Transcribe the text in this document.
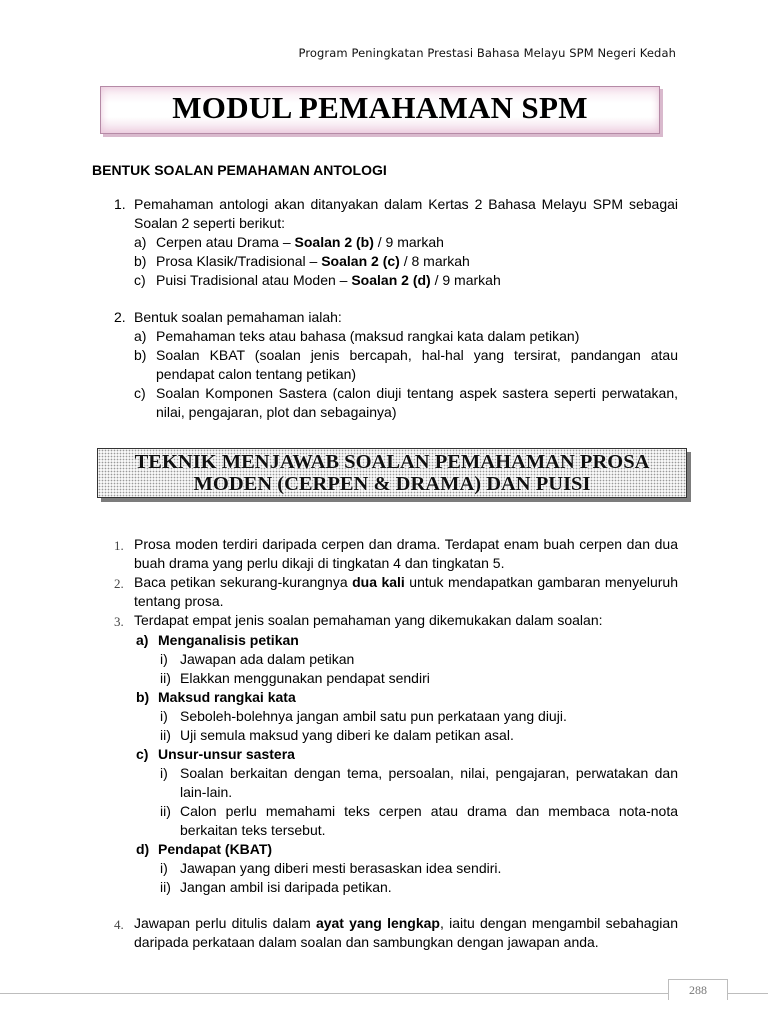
Program Peningkatan Prestasi Bahasa Melayu SPM Negeri Kedah
MODUL PEMAHAMAN SPM
BENTUK SOALAN PEMAHAMAN ANTOLOGI
1. Pemahaman antologi akan ditanyakan dalam Kertas 2 Bahasa Melayu SPM sebagai Soalan 2 seperti berikut:
a) Cerpen atau Drama – Soalan 2 (b) / 9 markah
b) Prosa Klasik/Tradisional – Soalan 2 (c) / 8 markah
c) Puisi Tradisional atau Moden – Soalan 2 (d) / 9 markah
2. Bentuk soalan pemahaman ialah:
a) Pemahaman teks atau bahasa (maksud rangkai kata dalam petikan)
b) Soalan KBAT (soalan jenis bercapah, hal-hal yang tersirat, pandangan atau pendapat calon tentang petikan)
c) Soalan Komponen Sastera (calon diuji tentang aspek sastera seperti perwatakan, nilai, pengajaran, plot dan sebagainya)
TEKNIK MENJAWAB SOALAN PEMAHAMAN PROSA
MODEN (CERPEN & DRAMA) DAN PUISI
1. Prosa moden terdiri daripada cerpen dan drama. Terdapat enam buah cerpen dan dua buah drama yang perlu dikaji di tingkatan 4 dan tingkatan 5.
2. Baca petikan sekurang-kurangnya dua kali untuk mendapatkan gambaran menyeluruh tentang prosa.
3. Terdapat empat jenis soalan pemahaman yang dikemukakan dalam soalan:
a) Menganalisis petikan
i) Jawapan ada dalam petikan
ii) Elakkan menggunakan pendapat sendiri
b) Maksud rangkai kata
i) Seboleh-bolehnya jangan ambil satu pun perkataan yang diuji.
ii) Uji semula maksud yang diberi ke dalam petikan asal.
c) Unsur-unsur sastera
i) Soalan berkaitan dengan tema, persoalan, nilai, pengajaran, perwatakan dan lain-lain.
ii) Calon perlu memahami teks cerpen atau drama dan membaca nota-nota berkaitan teks tersebut.
d) Pendapat (KBAT)
i) Jawapan yang diberi mesti berasaskan idea sendiri.
ii) Jangan ambil isi daripada petikan.
4. Jawapan perlu ditulis dalam ayat yang lengkap, iaitu dengan mengambil sebahagian daripada perkataan dalam soalan dan sambungkan dengan jawapan anda.
288
